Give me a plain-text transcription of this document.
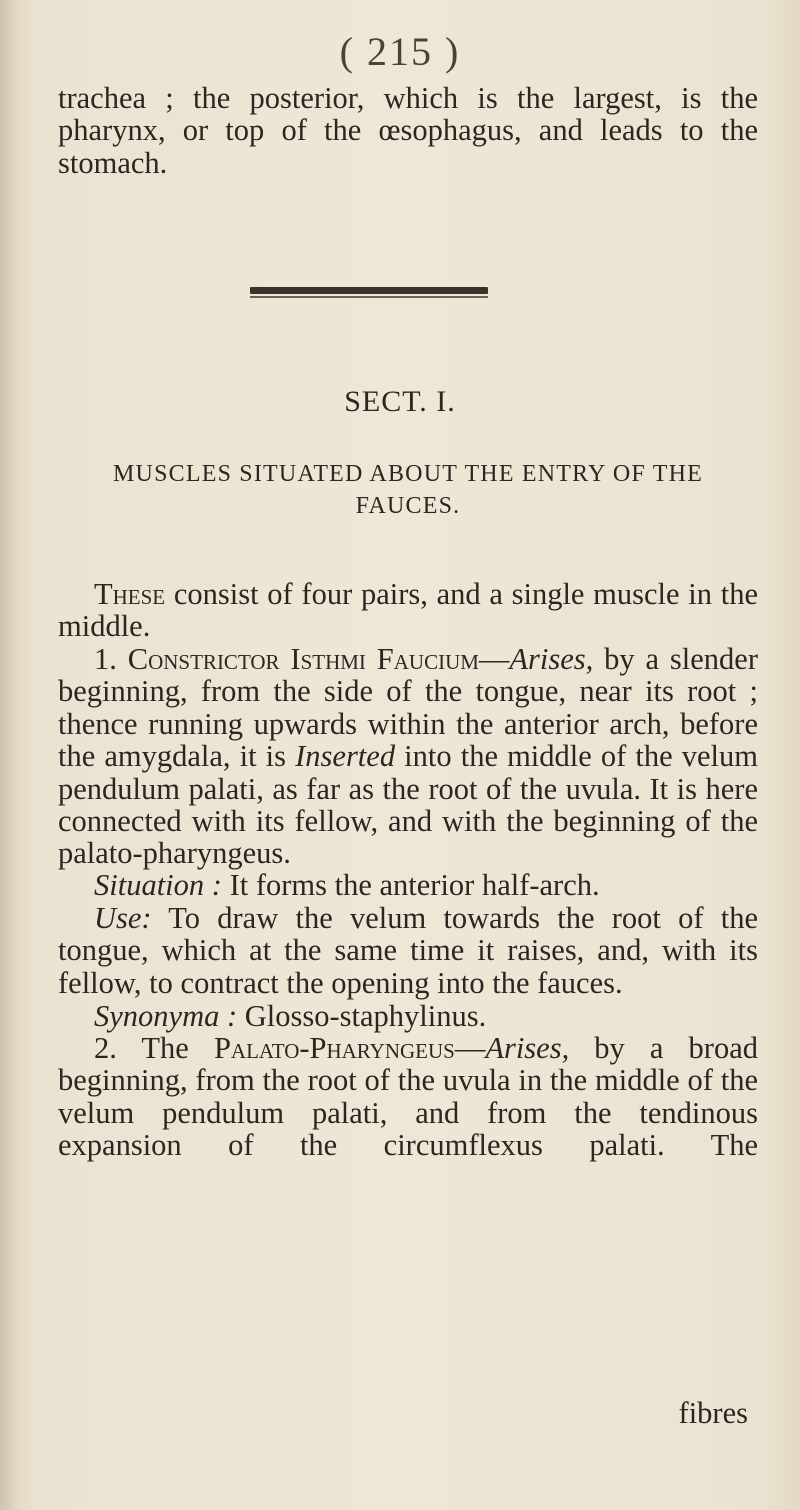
( 215 )

trachea ; the posterior, which is the largest, is the pharynx, or top of the œsophagus, and leads to the stomach.

SECT. I.
MUSCLES SITUATED ABOUT THE ENTRY OF THE
FAUCES.

These consist of four pairs, and a single muscle in the middle.

1. Constrictor Isthmi Faucium—Arises, by a slender beginning, from the side of the tongue, near its root ; thence running upwards within the anterior arch, before the amygdala, it is Inserted into the middle of the velum pendulum palati, as far as the root of the uvula. It is here connected with its fellow, and with the beginning of the palato-pharyngeus.

Situation : It forms the anterior half-arch.

Use: To draw the velum towards the root of the tongue, which at the same time it raises, and, with its fellow, to contract the opening into the fauces.

Synonyma : Glosso-staphylinus.

2. The Palato-Pharyngeus—Arises, by a broad beginning, from the root of the uvula in the middle of the velum pendulum palati, and from the tendinous expansion of the circumflexus palati. The

fibres
